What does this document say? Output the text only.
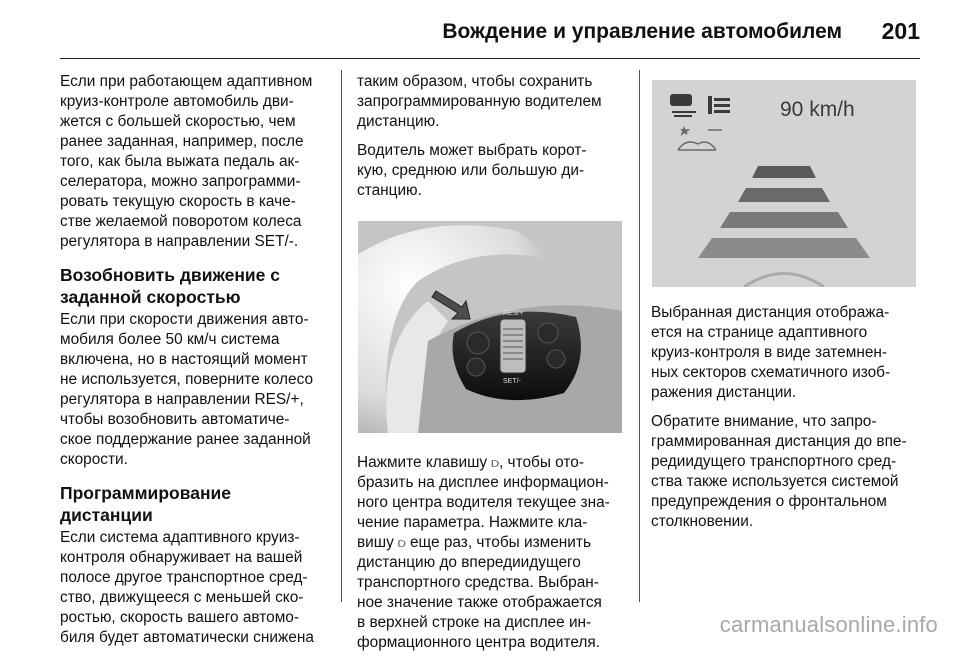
Вождение и управление автомобилем 201

Если при работающем адаптивном
круиз-контроле автомобиль дви-
жется с большей скоростью, чем
ранее заданная, например, после
того, как была выжата педаль ак-
селератора, можно запрограмми-
ровать текущую скорость в каче-
стве желаемой поворотом колеса
регулятора в направлении SET/-.

Возобновить движение с
заданной скоростью

Если при скорости движения авто-
мобиля более 50 км/ч система
включена, но в настоящий момент
не используется, поверните колесо
регулятора в направлении RES/+,
чтобы возобновить автоматиче-
ское поддержание ранее заданной
скорости.

Программирование
дистанции

Если система адаптивного круиз-
контроля обнаруживает на вашей
полосе другое транспортное сред-
ство, движущееся с меньшей ско-
ростью, скорость вашего автомо-
биля будет автоматически снижена

таким образом, чтобы сохранить
запрограммированную водителем
дистанцию.

Водитель может выбрать корот-
кую, среднюю или большую ди-
станцию.

RES/+
SET/-

Нажмите клавишу ⫐, чтобы ото-
бразить на дисплее информацион-
ного центра водителя текущее зна-
чение параметра. Нажмите кла-
вишу ⫐ еще раз, чтобы изменить
дистанцию до впередиидущего
транспортного средства. Выбран-
ное значение также отображается
в верхней строке на дисплее ин-
формационного центра водителя.

90 km/h

Выбранная дистанция отобража-
ется на странице адаптивного
круиз-контроля в виде затемнен-
ных секторов схематичного изоб-
ражения дистанции.

Обратите внимание, что запро-
граммированная дистанция до впе-
редиидущего транспортного сред-
ства также используется системой
предупреждения о фронтальном
столкновении.

carmanualsonline.info
